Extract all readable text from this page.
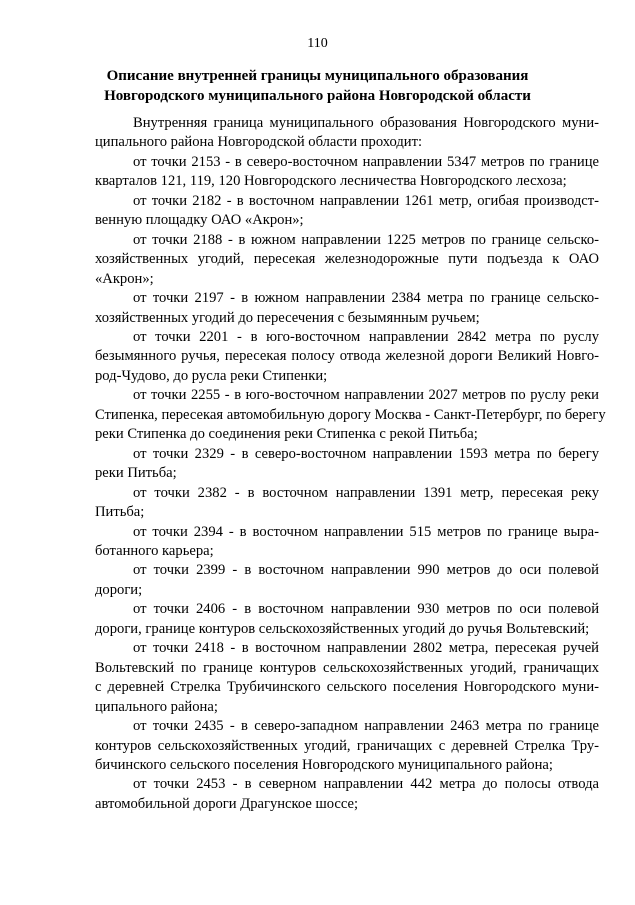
110
Описание внутренней границы муниципального образования
Новгородского муниципального района Новгородской области
Внутренняя граница муниципального образования Новгородского муни-
ципального района Новгородской области проходит:
от точки 2153 - в северо-восточном направлении 5347 метров по границе
кварталов 121, 119, 120 Новгородского лесничества Новгородского лесхоза;
от точки 2182 - в восточном направлении 1261 метр, огибая производст-
венную площадку ОАО «Акрон»;
от точки 2188 - в южном направлении 1225 метров по границе сельско-
хозяйственных угодий, пересекая железнодорожные пути подъезда к ОАО
«Акрон»;
от точки 2197 - в южном направлении 2384 метра по границе сельско-
хозяйственных угодий до пересечения с безымянным ручьем;
от точки 2201 - в юго-восточном направлении 2842 метра по руслу
безымянного ручья, пересекая полосу отвода железной дороги Великий Новго-
род-Чудово, до русла реки Стипенки;
от точки 2255 - в юго-восточном направлении 2027 метров по руслу реки
Стипенка, пересекая автомобильную дорогу Москва - Санкт-Петербург, по берегу
реки Стипенка до соединения реки Стипенка с рекой Питьба;
от точки 2329 - в северо-восточном направлении 1593 метра по берегу
реки Питьба;
от точки 2382 - в восточном направлении 1391 метр, пересекая реку
Питьба;
от точки 2394 - в восточном направлении 515 метров по границе выра-
ботанного карьера;
от точки 2399 - в восточном направлении 990 метров до оси полевой
дороги;
от точки 2406 - в восточном направлении 930 метров по оси полевой
дороги, границе контуров сельскохозяйственных угодий до ручья Вольтевский;
от точки 2418 - в восточном направлении 2802 метра, пересекая ручей
Вольтевский по границе контуров сельскохозяйственных угодий, граничащих
с деревней Стрелка Трубичинского сельского поселения Новгородского муни-
ципального района;
от точки 2435 - в северо-западном направлении 2463 метра по границе
контуров сельскохозяйственных угодий, граничащих с деревней Стрелка Тру-
бичинского сельского поселения Новгородского муниципального района;
от точки 2453 - в северном направлении 442 метра до полосы отвода
автомобильной дороги Драгунское шоссе;
